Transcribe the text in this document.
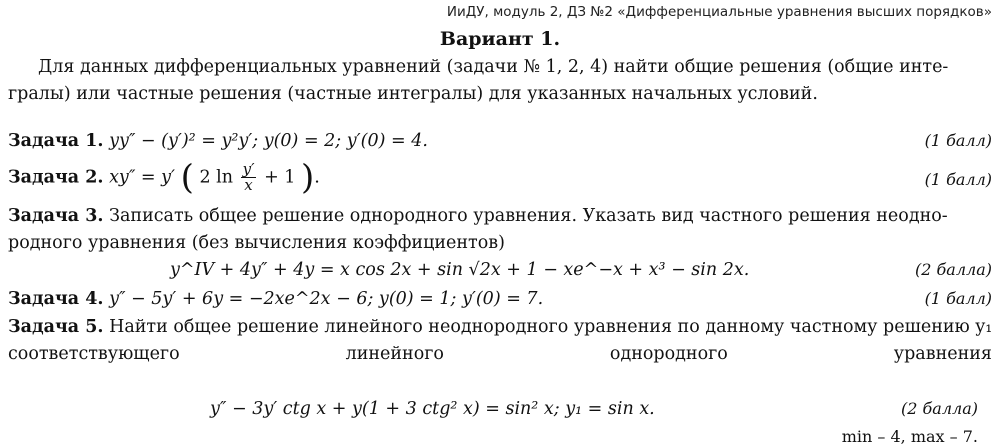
ИиДУ, модуль 2, ДЗ №2 «Дифференциальные уравнения высших порядков»
Вариант 1.
Для данных дифференциальных уравнений (задачи № 1, 2, 4) найти общие решения (общие инте-
гралы) или частные решения (частные интегралы) для указанных начальных условий.
Задача 1. yy″ − (y′)² = y²y′; y(0) = 2; y′(0) = 4.	(1 балл)
Задача 2. xy″ = y′ ( 2 $\ln \frac{y'}{x} + 1$ ).	(1 балл)
Задача 3. Записать общее решение однородного уравнения. Указать вид частного решения неодно-
родного уравнения (без вычисления коэффициентов)
y^IV + 4y″ + 4y = x cos 2x + sin √2x + 1 − xe^−x + x³ − sin 2x.	(2 балла)
Задача 4. y″ − 5y′ + 6y = −2xe^2x − 6; y(0) = 1; y′(0) = 7.	(1 балл)
Задача 5. Найти общее решение линейного неоднородного уравнения по данному частному решению y₁
соответствующего	линейного	однородного	уравнения
y″ − 3y′ ctg x + y(1 + 3 ctg² x) = sin² x; y₁ = sin x.	(2 балла)
min – 4, max – 7.
